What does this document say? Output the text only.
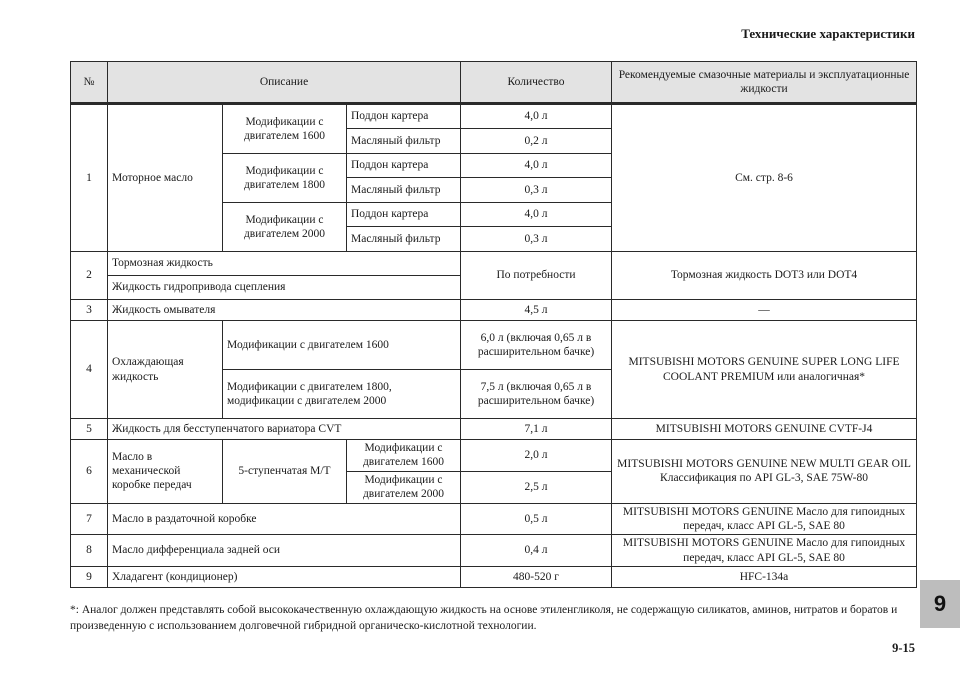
Технические характеристики
№	Описание			Количество	Рекомендуемые смазочные материалы и эксплуатационные жидкости
1	Моторное масло	Модификации с двигателем 1600	Поддон картера	4,0 л	См. стр. 8-6
			Масляный фильтр	0,2 л	
		Модификации с двигателем 1800	Поддон картера	4,0 л	
			Масляный фильтр	0,3 л	
		Модификации с двигателем 2000	Поддон картера	4,0 л	
			Масляный фильтр	0,3 л	
2	Тормозная жидкость			По потребности	Тормозная жидкость DOT3 или DOT4
	Жидкость гидропривода сцепления				
3	Жидкость омывателя			4,5 л	—
4	Охлаждающая жидкость	Модификации с двигателем 1600		6,0 л (включая 0,65 л в расширительном бачке)	MITSUBISHI MOTORS GENUINE SUPER LONG LIFE COOLANT PREMIUM или аналогичная*
		Модификации с двигателем 1800, модификации с двигателем 2000		7,5 л (включая 0,65 л в расширительном бачке)	
5	Жидкость для бесступенчатого вариатора CVT			7,1 л	MITSUBISHI MOTORS GENUINE CVTF-J4
6	Масло в механической коробке передач	5-ступенчатая М/Т	Модификации с двигателем 1600	2,0 л	MITSUBISHI MOTORS GENUINE NEW MULTI GEAR OIL Классификация по API GL-3, SAE 75W-80
			Модификации с двигателем 2000	2,5 л	
7	Масло в раздаточной коробке			0,5 л	MITSUBISHI MOTORS GENUINE Масло для гипоидных передач, класс API GL-5, SAE 80
8	Масло дифференциала задней оси			0,4 л	MITSUBISHI MOTORS GENUINE Масло для гипоидных передач, класс API GL-5, SAE 80
9	Хладагент (кондиционер)			480-520 г	HFC-134a
*: Аналог должен представлять собой высококачественную охлаждающую жидкость на основе этиленгликоля, не содержащую силикатов, аминов, нитратов и боратов и произведенную с использованием долговечной гибридной органическо-кислотной технологии.
9-15
9
